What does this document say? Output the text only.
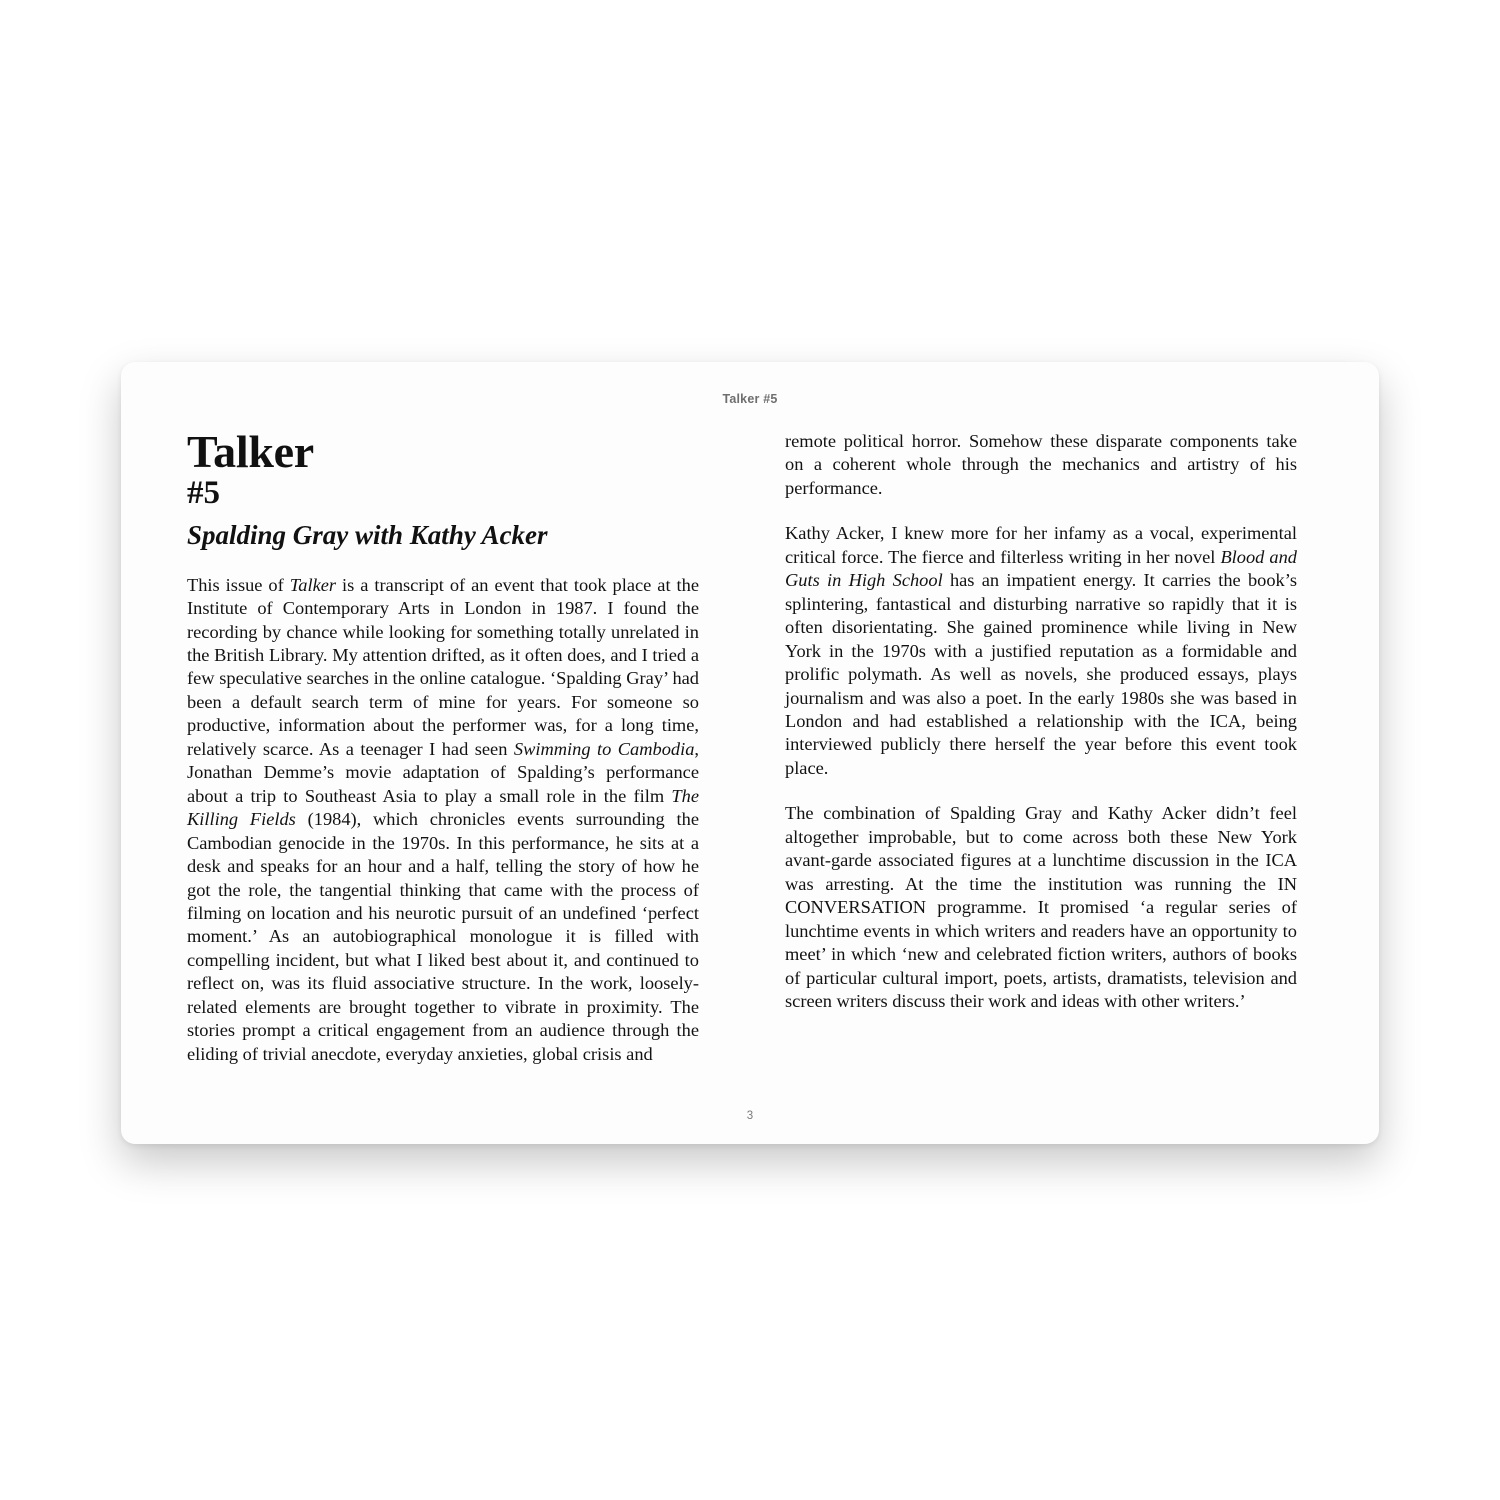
Talker #5
Talker
#5
Spalding Gray with Kathy Acker

This issue of Talker is a transcript of an event that took place at the Institute of Contemporary Arts in London in 1987. I found the recording by chance while looking for something totally unrelated in the British Library. My attention drifted, as it often does, and I tried a few speculative searches in the online catalogue. ‘Spalding Gray’ had been a default search term of mine for years. For someone so productive, information about the performer was, for a long time, relatively scarce. As a teenager I had seen Swimming to Cambodia, Jonathan Demme’s movie adaptation of Spalding’s performance about a trip to Southeast Asia to play a small role in the film The Killing Fields (1984), which chronicles events surrounding the Cambodian genocide in the 1970s. In this performance, he sits at a desk and speaks for an hour and a half, telling the story of how he got the role, the tangential thinking that came with the process of filming on location and his neurotic pursuit of an undefined ‘perfect moment.’ As an autobiographical monologue it is filled with compelling incident, but what I liked best about it, and continued to reflect on, was its fluid associative structure. In the work, loosely-related elements are brought together to vibrate in proximity. The stories prompt a critical engagement from an audience through the eliding of trivial anecdote, everyday anxieties, global crisis and

remote political horror. Somehow these disparate components take on a coherent whole through the mechanics and artistry of his performance.

Kathy Acker, I knew more for her infamy as a vocal, experimental critical force. The fierce and filterless writing in her novel Blood and Guts in High School has an impatient energy. It carries the book’s splintering, fantastical and disturbing narrative so rapidly that it is often disorientating. She gained prominence while living in New York in the 1970s with a justified reputation as a formidable and prolific polymath. As well as novels, she produced essays, plays journalism and was also a poet. In the early 1980s she was based in London and had established a relationship with the ICA, being interviewed publicly there herself the year before this event took place.

The combination of Spalding Gray and Kathy Acker didn’t feel altogether improbable, but to come across both these New York avant-garde associated figures at a lunchtime discussion in the ICA was arresting. At the time the institution was running the IN CONVERSATION programme. It promised ‘a regular series of lunchtime events in which writers and readers have an opportunity to meet’ in which ‘new and celebrated fiction writers, authors of books of particular cultural import, poets, artists, dramatists, television and screen writers discuss their work and ideas with other writers.’

3
